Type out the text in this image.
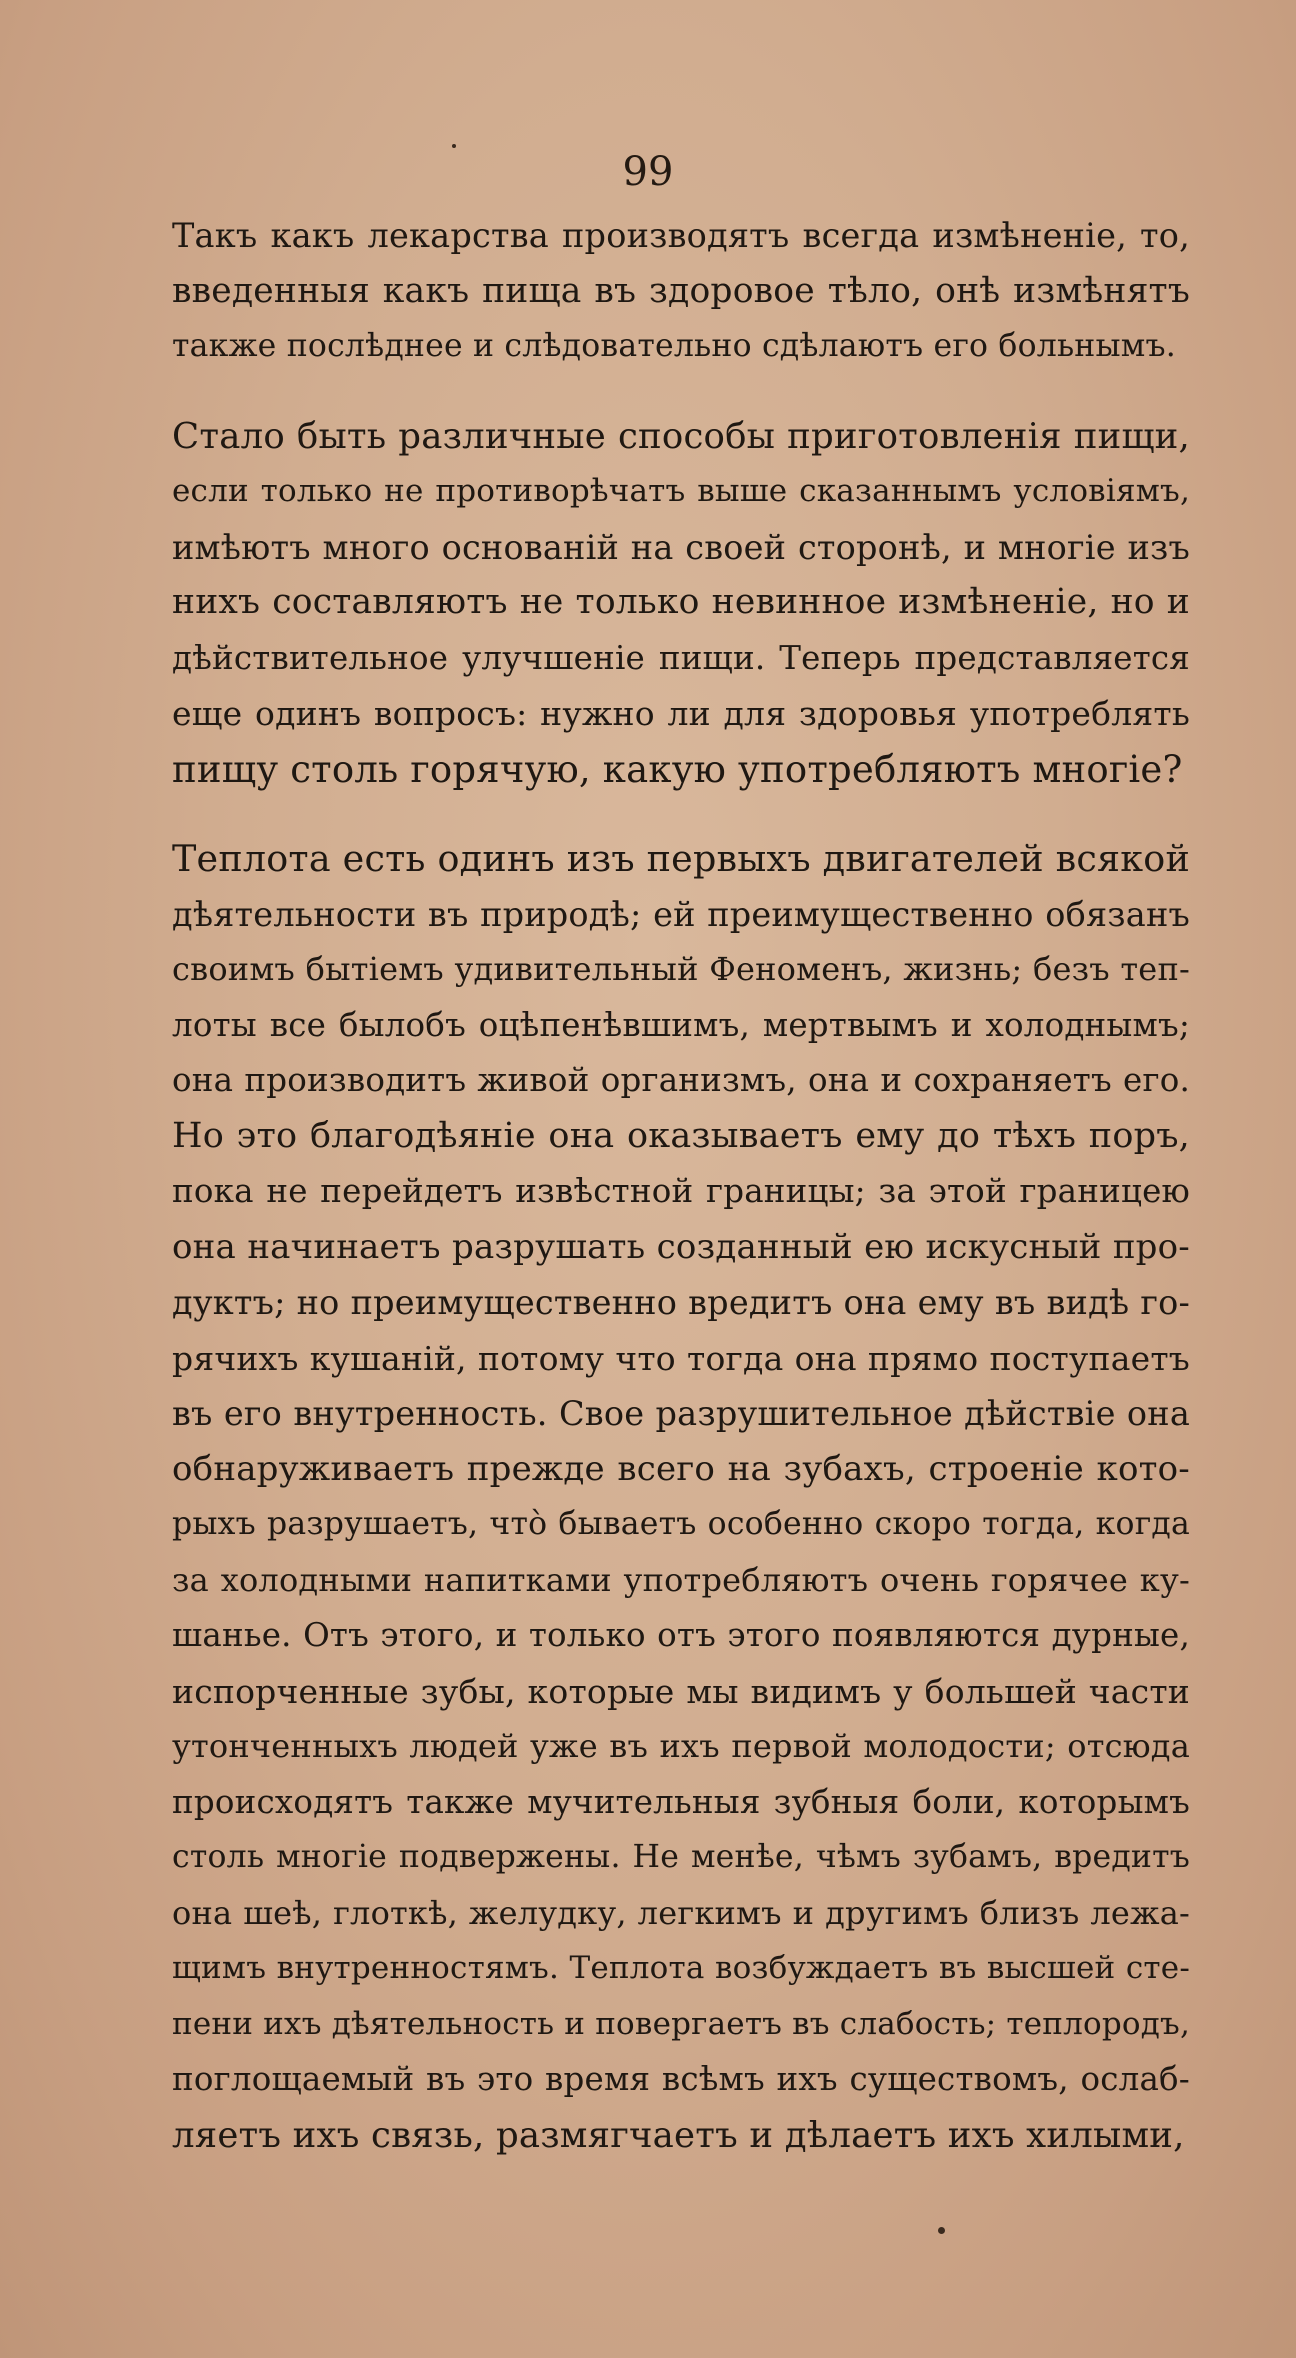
99
Такъ какъ лекарства производятъ всегда измѣненіе, то,
введенныя какъ пища въ здоровое тѣло, онѣ измѣнятъ
также послѣднее и слѣдовательно сдѣлаютъ его больнымъ.
Стало быть различные способы приготовленія пищи,
если только не противорѣчатъ выше сказаннымъ условіямъ,
имѣютъ много основаній на своей сторонѣ, и многіе изъ
нихъ составляютъ не только невинное измѣненіе, но и
дѣйствительное улучшеніе пищи. Теперь представляется
еще одинъ вопросъ: нужно ли для здоровья употреблять
пищу столь горячую, какую употребляютъ многіе?
Теплота есть одинъ изъ первыхъ двигателей всякой
дѣятельности въ природѣ; ей преимущественно обязанъ
своимъ бытіемъ удивительный Феноменъ, жизнь; безъ теп-
лоты все былобъ оцѣпенѣвшимъ, мертвымъ и холоднымъ;
она производитъ живой организмъ, она и сохраняетъ его.
Но это благодѣяніе она оказываетъ ему до тѣхъ поръ,
пока не перейдетъ извѣстной границы; за этой границею
она начинаетъ разрушать созданный ею искусный про-
дуктъ; но преимущественно вредитъ она ему въ видѣ го-
рячихъ кушаній, потому что тогда она прямо поступаетъ
въ его внутренность. Свое разрушительное дѣйствіе она
обнаруживаетъ прежде всего на зубахъ, строеніе кото-
рыхъ разрушаетъ, что̀ бываетъ особенно скоро тогда, когда
за холодными напитками употребляютъ очень горячее ку-
шанье. Отъ этого, и только отъ этого появляются дурные,
испорченные зубы, которые мы видимъ у большей части
утонченныхъ людей уже въ ихъ первой молодости; отсюда
происходятъ также мучительныя зубныя боли, которымъ
столь многіе подвержены. Не менѣе, чѣмъ зубамъ, вредитъ
она шеѣ, глоткѣ, желудку, легкимъ и другимъ близъ лежа-
щимъ внутренностямъ. Теплота возбуждаетъ въ высшей сте-
пени ихъ дѣятельность и повергаетъ въ слабость; теплородъ,
поглощаемый въ это время всѣмъ ихъ существомъ, ослаб-
ляетъ ихъ связь, размягчаетъ и дѣлаетъ ихъ хилыми,
